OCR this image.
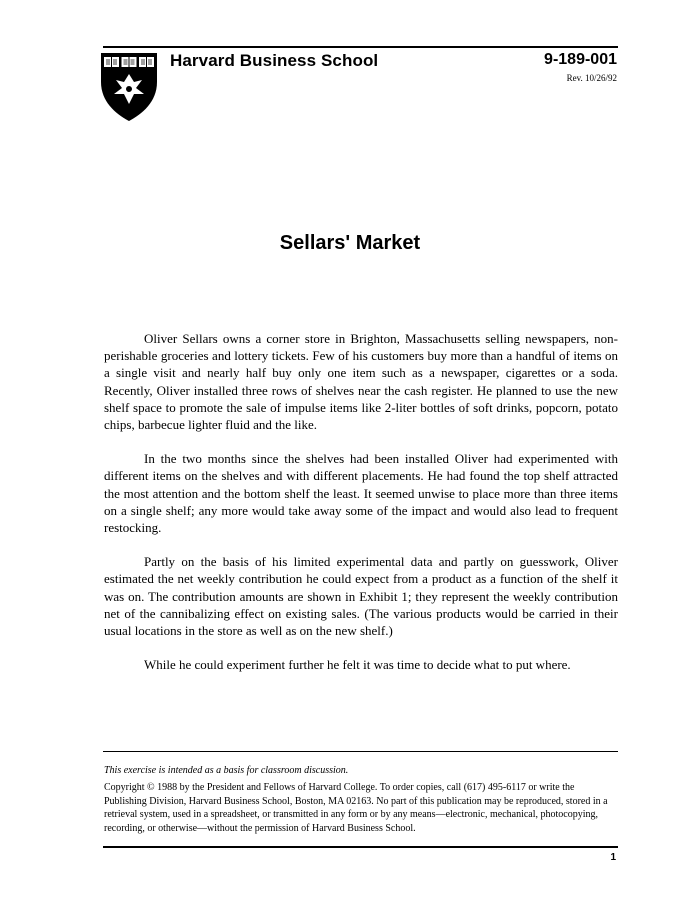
Harvard Business School	9-189-001
Rev. 10/26/92
Sellars' Market

Oliver Sellars owns a corner store in Brighton, Massachusetts selling newspapers, non-perishable groceries and lottery tickets. Few of his customers buy more than a handful of items on a single visit and nearly half buy only one item such as a newspaper, cigarettes or a soda. Recently, Oliver installed three rows of shelves near the cash register. He planned to use the new shelf space to promote the sale of impulse items like 2-liter bottles of soft drinks, popcorn, potato chips, barbecue lighter fluid and the like.

In the two months since the shelves had been installed Oliver had experimented with different items on the shelves and with different placements. He had found the top shelf attracted the most attention and the bottom shelf the least. It seemed unwise to place more than three items on a single shelf; any more would take away some of the impact and would also lead to frequent restocking.

Partly on the basis of his limited experimental data and partly on guesswork, Oliver estimated the net weekly contribution he could expect from a product as a function of the shelf it was on. The contribution amounts are shown in Exhibit 1; they represent the weekly contribution net of the cannibalizing effect on existing sales. (The various products would be carried in their usual locations in the store as well as on the new shelf.)

While he could experiment further he felt it was time to decide what to put where.

This exercise is intended as a basis for classroom discussion.
Copyright © 1988 by the President and Fellows of Harvard College. To order copies, call (617) 495-6117 or write the Publishing Division, Harvard Business School, Boston, MA 02163. No part of this publication may be reproduced, stored in a retrieval system, used in a spreadsheet, or transmitted in any form or by any means—electronic, mechanical, photocopying, recording, or otherwise—without the permission of Harvard Business School.
1
